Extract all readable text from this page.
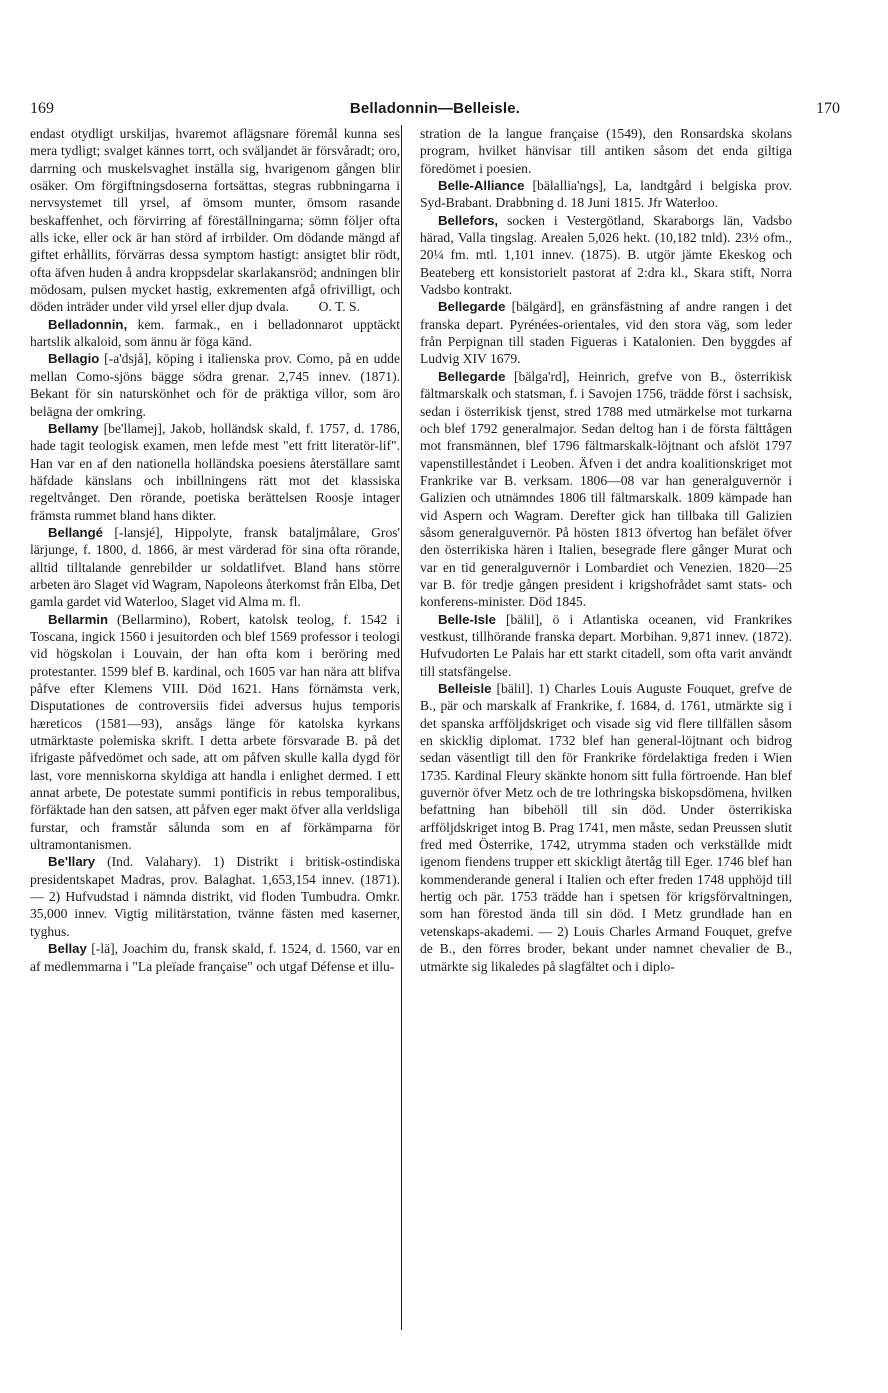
169	Belladonnin—Belleisle.	170

endast otydligt urskiljas, hvaremot aflägsnare föremål kunna ses mera tydligt; svalget kännes torrt, och sväljandet är försvåradt; oro, darrning och muskelsvaghet inställa sig, hvarigenom gången blir osäker. Om förgiftningsdoserna fortsättas, stegras rubbningarna i nervsystemet till yrsel, af ömsom munter, ömsom rasande beskaffenhet, och förvirring af föreställningarna; sömn följer ofta alls icke, eller ock är han störd af irrbilder. Om dödande mängd af giftet erhållits, förvärras dessa symptom hastigt: ansigtet blir rödt, ofta äfven huden å andra kroppsdelar skarlakansröd; andningen blir mödosam, pulsen mycket hastig, exkrementen afgå ofrivilligt, och döden inträder under vild yrsel eller djup dvala.	O. T. S.

Belladonnin, kem. farmak., en i belladonnarot upptäckt hartslik alkaloid, som ännu är föga känd.

Bellagio [-a'dsjå], köping i italienska prov. Como, på en udde mellan Como-sjöns bägge södra grenar. 2,745 innev. (1871). Bekant för sin naturskönhet och för de präktiga villor, som äro belägna der omkring.

Bellamy [be'llamej], Jakob, holländsk skald, f. 1757, d. 1786, hade tagit teologisk examen, men lefde mest "ett fritt literatör-lif". Han var en af den nationella holländska poesiens återställare samt häfdade känslans och inbillningens rätt mot det klassiska regeltvånget. Den rörande, poetiska berättelsen Roosje intager främsta rummet bland hans dikter.

Bellangé [-lansjé], Hippolyte, fransk bataljmålare, Gros' lärjunge, f. 1800, d. 1866, är mest värderad för sina ofta rörande, alltid tilltalande genrebilder ur soldatlifvet. Bland hans större arbeten äro Slaget vid Wagram, Napoleons återkomst från Elba, Det gamla gardet vid Waterloo, Slaget vid Alma m. fl.

Bellarmin (Bellarmino), Robert, katolsk teolog, f. 1542 i Toscana, ingick 1560 i jesuitorden och blef 1569 professor i teologi vid högskolan i Louvain, der han ofta kom i beröring med protestanter. 1599 blef B. kardinal, och 1605 var han nära att blifva påfve efter Klemens VIII. Död 1621. Hans förnämsta verk, Disputationes de controversiis fidei adversus hujus temporis hæreticos (1581—93), ansågs länge för katolska kyrkans utmärktaste polemiska skrift. I detta arbete försvarade B. på det ifrigaste påfvedömet och sade, att om påfven skulle kalla dygd för last, vore menniskorna skyldiga att handla i enlighet dermed. I ett annat arbete, De potestate summi pontificis in rebus temporalibus, förfäktade han den satsen, att påfven eger makt öfver alla verldsliga furstar, och framstår sålunda som en af förkämparna för ultramontanismen.

Be'llary (Ind. Valahary). 1) Distrikt i britisk-ostindiska presidentskapet Madras, prov. Balaghat. 1,653,154 innev. (1871). — 2) Hufvudstad i nämnda distrikt, vid floden Tumbudra. Omkr. 35,000 innev. Vigtig militärstation, tvänne fästen med kaserner, tyghus.

Bellay [-lä], Joachim du, fransk skald, f. 1524, d. 1560, var en af medlemmarna i "La pleïade française" och utgaf Défense et illu-

stration de la langue française (1549), den Ronsardska skolans program, hvilket hänvisar till antiken såsom det enda giltiga föredömet i poesien.

Belle-Alliance [bälallia'ngs], La, landtgård i belgiska prov. Syd-Brabant. Drabbning d. 18 Juni 1815. Jfr Waterloo.

Bellefors, socken i Vestergötland, Skaraborgs län, Vadsbo härad, Valla tingslag. Arealen 5,026 hekt. (10,182 tnld). 23½ ofm., 20¼ fm. mtl. 1,101 innev. (1875). B. utgör jämte Ekeskog och Beateberg ett konsistorielt pastorat af 2:dra kl., Skara stift, Norra Vadsbo kontrakt.

Bellegarde [bälgärd], en gränsfästning af andre rangen i det franska depart. Pyrénées-orientales, vid den stora väg, som leder från Perpignan till staden Figueras i Katalonien. Den byggdes af Ludvig XIV 1679.

Bellegarde [bälga'rd], Heinrich, grefve von B., österrikisk fältmarskalk och statsman, f. i Savojen 1756, trädde först i sachsisk, sedan i österrikisk tjenst, stred 1788 med utmärkelse mot turkarna och blef 1792 generalmajor. Sedan deltog han i de första fälttågen mot fransmännen, blef 1796 fältmarskalk-löjtnant och afslöt 1797 vapenstilleståndet i Leoben. Äfven i det andra koalitionskriget mot Frankrike var B. verksam. 1806—08 var han generalguvernör i Galizien och utnämndes 1806 till fältmarskalk. 1809 kämpade han vid Aspern och Wagram. Derefter gick han tillbaka till Galizien såsom generalguvernör. På hösten 1813 öfvertog han befälet öfver den österrikiska hären i Italien, besegrade flere gånger Murat och var en tid generalguvernör i Lombardiet och Venezien. 1820—25 var B. för tredje gången president i krigshofrådet samt stats- och konferens-minister. Död 1845.

Belle-Isle [bälil], ö i Atlantiska oceanen, vid Frankrikes vestkust, tillhörande franska depart. Morbihan. 9,871 innev. (1872). Hufvudorten Le Palais har ett starkt citadell, som ofta varit användt till statsfängelse.

Belleisle [bälil]. 1) Charles Louis Auguste Fouquet, grefve de B., pär och marskalk af Frankrike, f. 1684, d. 1761, utmärkte sig i det spanska arfföljdskriget och visade sig vid flere tillfällen såsom en skicklig diplomat. 1732 blef han general-löjtnant och bidrog sedan väsentligt till den för Frankrike fördelaktiga freden i Wien 1735. Kardinal Fleury skänkte honom sitt fulla förtroende. Han blef guvernör öfver Metz och de tre lothringska biskopsdömena, hvilken befattning han bibehöll till sin död. Under österrikiska arfföljdskriget intog B. Prag 1741, men måste, sedan Preussen slutit fred med Österrike, 1742, utrymma staden och verkställde midt igenom fiendens trupper ett skickligt återtåg till Eger. 1746 blef han kommenderande general i Italien och efter freden 1748 upphöjd till hertig och pär. 1753 trädde han i spetsen för krigsförvaltningen, som han förestod ända till sin död. I Metz grundlade han en vetenskaps-akademi. — 2) Louis Charles Armand Fouquet, grefve de B., den förres broder, bekant under namnet chevalier de B., utmärkte sig likaledes på slagfältet och i diplo-
